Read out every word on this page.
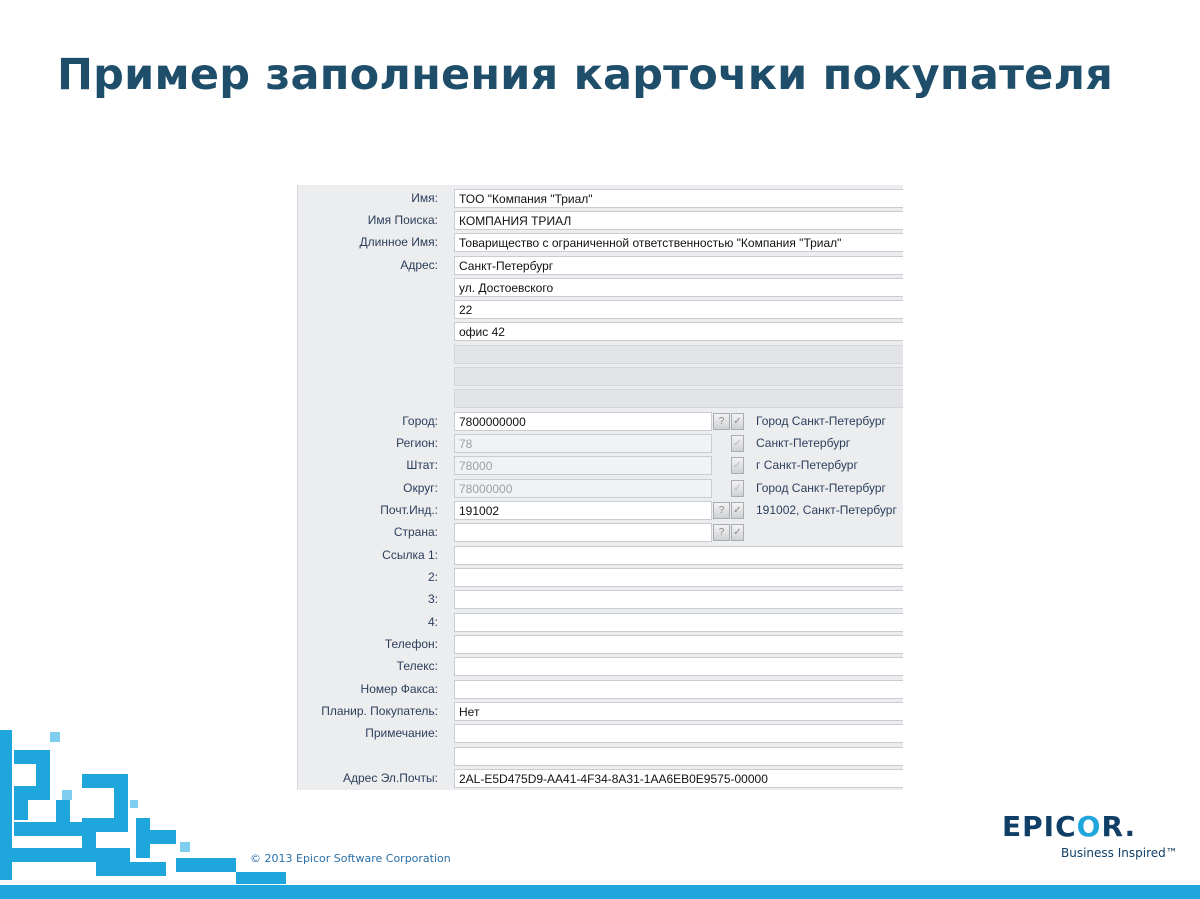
Пример заполнения карточки покупателя
Имя:	ТОО "Компания "Триал"
Имя Поиска:	КОМПАНИЯ ТРИАЛ
Длинное Имя:	Товарищество с ограниченной ответственностью "Компания "Триал"
Адрес:	Санкт-Петербург
ул. Достоевского
22
офис 42
Город:	7800000000	? ✓ Город Санкт-Петербург
Регион:	78	✓ Санкт-Петербург
Штат:	78000	✓ г Санкт-Петербург
Округ:	78000000	✓ Город Санкт-Петербург
Почт.Инд.:	191002	? ✓ 191002, Санкт-Петербург
Страна:	? ✓
Ссылка 1:
2:
3:
4:
Телефон:
Телекс:
Номер Факса:
Планир. Покупатель:	Нет
Примечание:
Адрес Эл.Почты:	2AL-E5D475D9-AA41-4F34-8A31-1AA6EB0E9575-00000
© 2013 Epicor Software Corporation
EPICOR.
Business Inspired™
